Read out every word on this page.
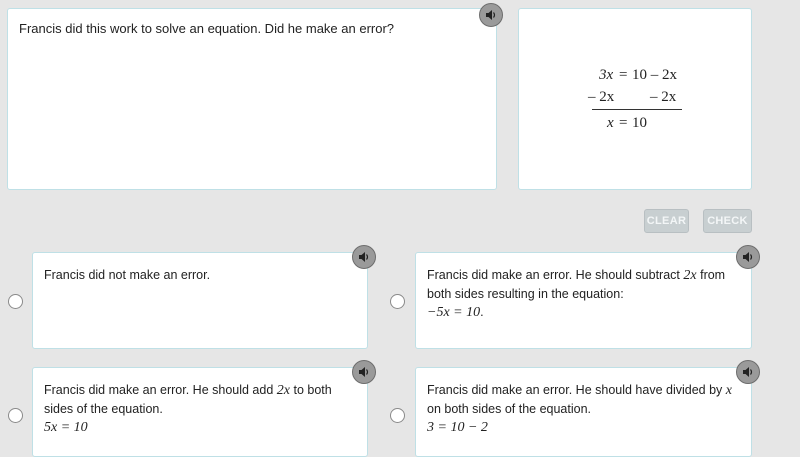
Francis did this work to solve an equation. Did he make an error?
3x = 10 – 2x
– 2x – 2x
x = 10
CLEAR	CHECK
Francis did not make an error.	Francis did make an error. He should subtract 2x from
both sides resulting in the equation:
−5x = 10.
Francis did make an error. He should add 2x to both
sides of the equation.
5x = 10
Francis did make an error. He should have divided by x
on both sides of the equation.
3 = 10 − 2
